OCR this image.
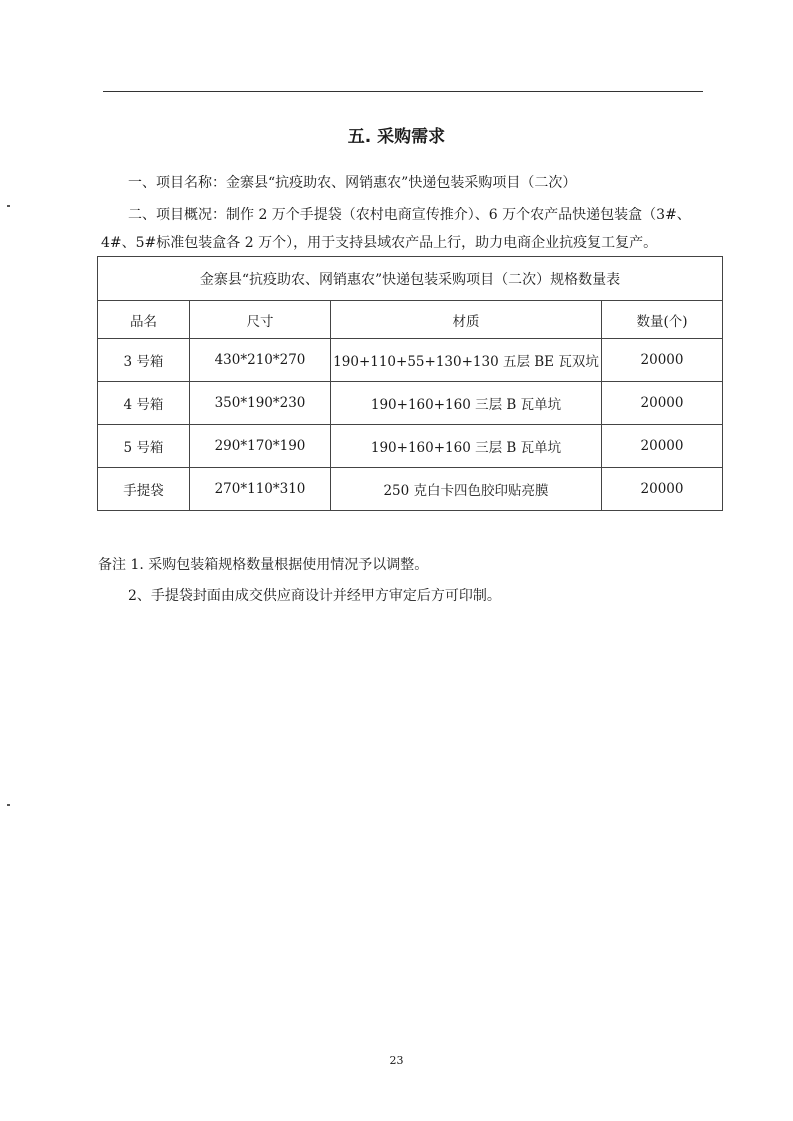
五. 采购需求
一、项目名称：金寨县“抗疫助农、网销惠农”快递包装采购项目（二次）
二、项目概况：制作 2 万个手提袋（农村电商宣传推介）、6 万个农产品快递包装盒（3#、
4#、5#标准包装盒各 2 万个），用于支持县域农产品上行，助力电商企业抗疫复工复产。
金寨县“抗疫助农、网销惠农”快递包装采购项目（二次）规格数量表			
品名	尺寸	材质	数量(个)
3 号箱	430*210*270	190+110+55+130+130 五层 BE 瓦双坑	20000
4 号箱	350*190*230	190+160+160 三层 B 瓦单坑	20000
5 号箱	290*170*190	190+160+160 三层 B 瓦单坑	20000
手提袋	270*110*310	250 克白卡四色胶印贴亮膜	20000
备注 1. 采购包装箱规格数量根据使用情况予以调整。
2、手提袋封面由成交供应商设计并经甲方审定后方可印制。
23
